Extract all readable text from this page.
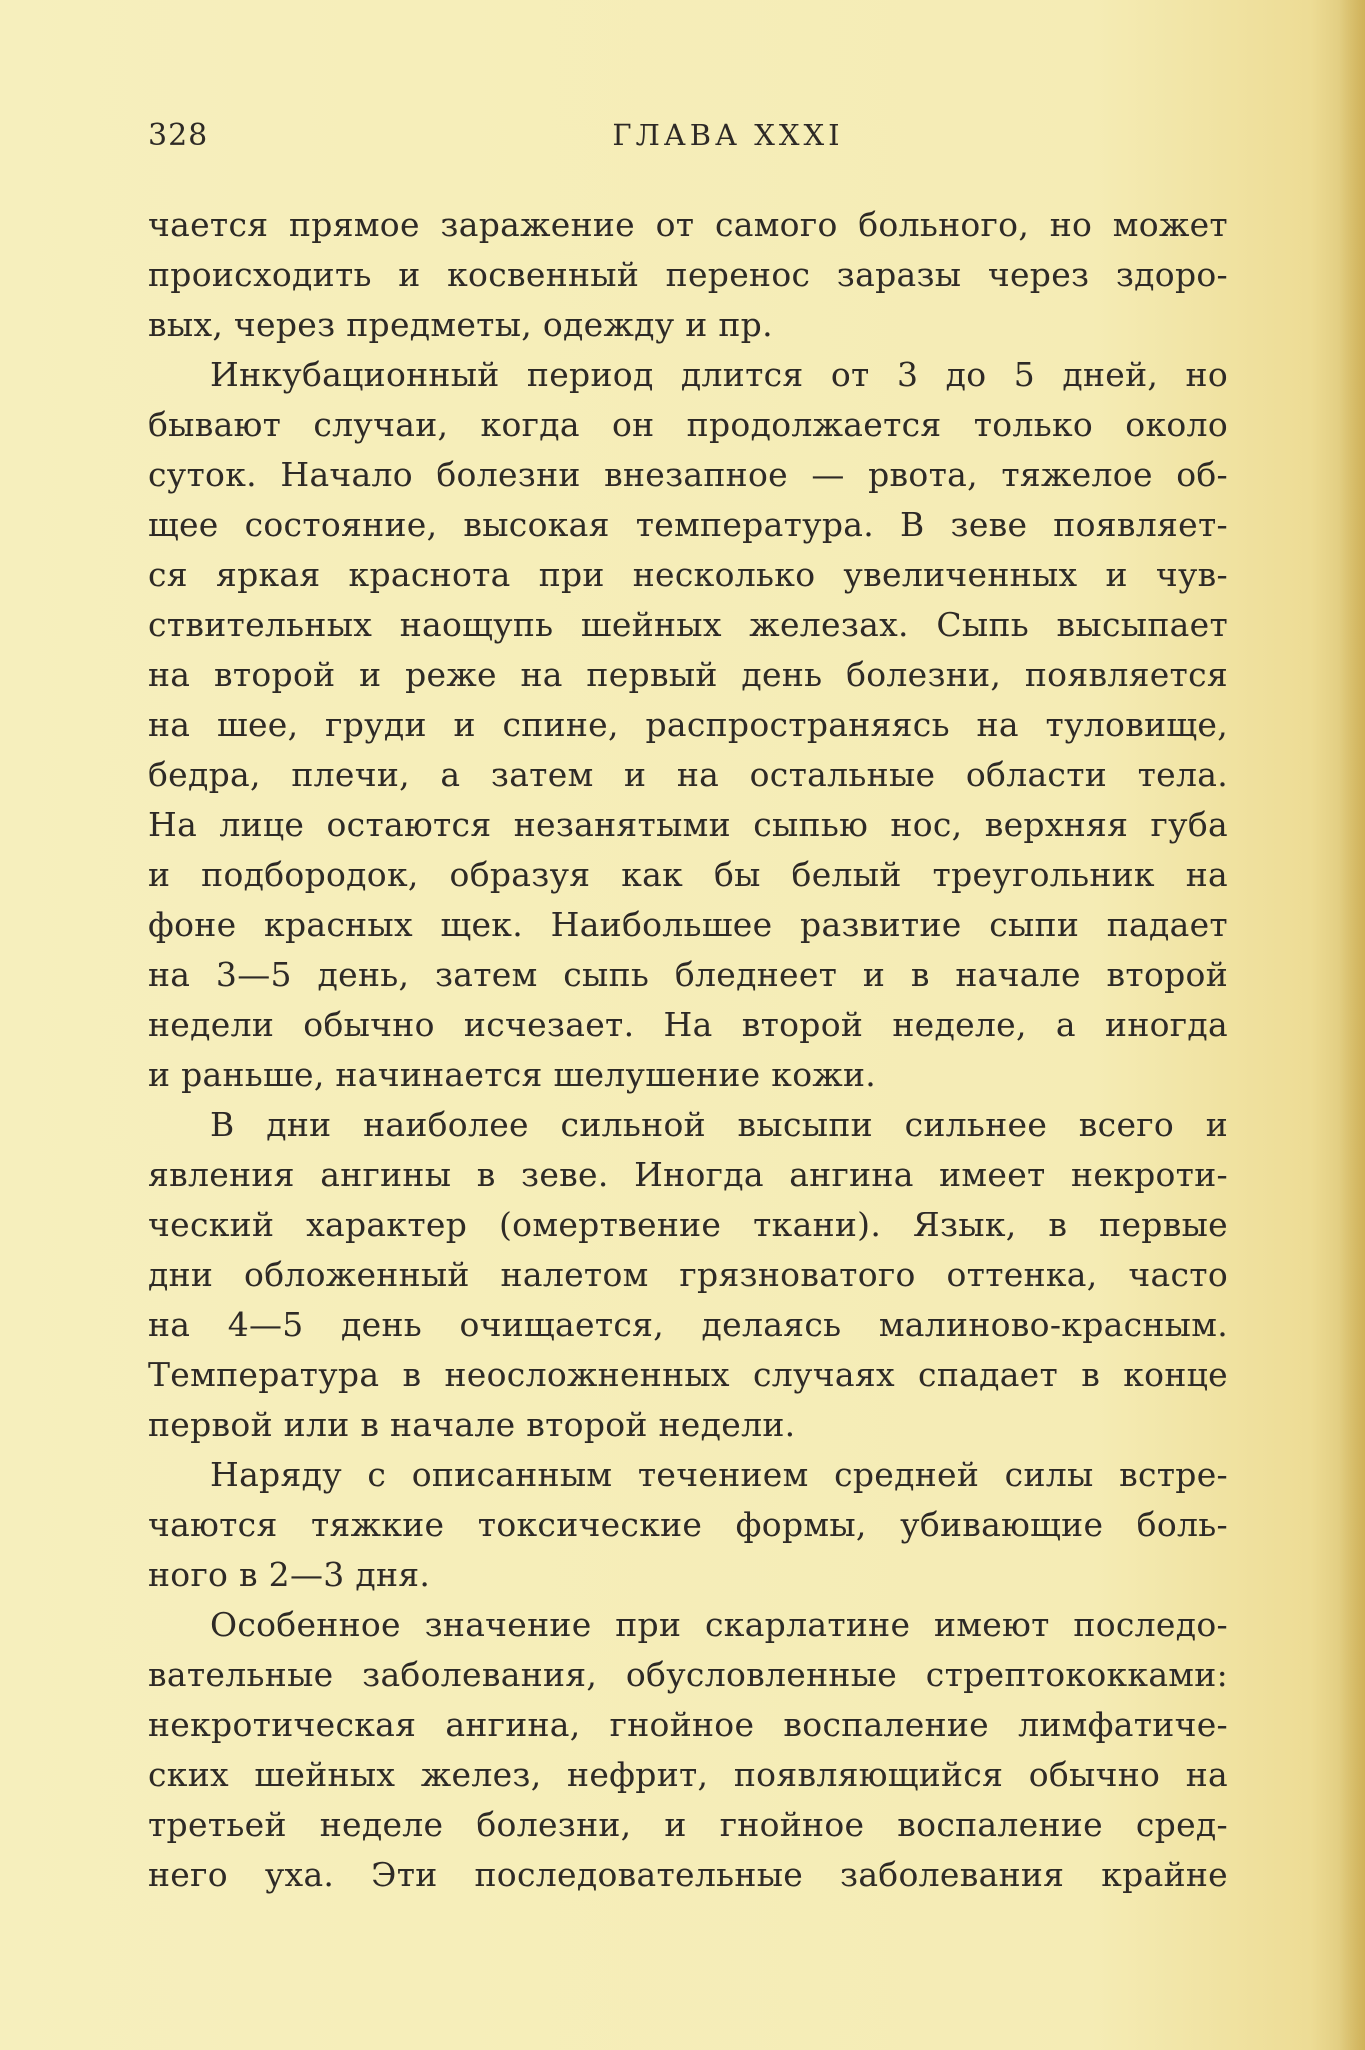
328	ГЛАВА XXXI
чается прямое заражение от самого больного, но может
происходить и косвенный перенос заразы через здоро-
вых, через предметы, одежду и пр.
Инкубационный период длится от 3 до 5 дней, но
бывают случаи, когда он продолжается только около
суток. Начало болезни внезапное — рвота, тяжелое об-
щее состояние, высокая температура. В зеве появляет-
ся яркая краснота при несколько увеличенных и чув-
ствительных наощупь шейных железах. Сыпь высыпает
на второй и реже на первый день болезни, появляется
на шее, груди и спине, распространяясь на туловище,
бедра, плечи, а затем и на остальные области тела.
На лице остаются незанятыми сыпью нос, верхняя губа
и подбородок, образуя как бы белый треугольник на
фоне красных щек. Наибольшее развитие сыпи падает
на 3—5 день, затем сыпь бледнеет и в начале второй
недели обычно исчезает. На второй неделе, а иногда
и раньше, начинается шелушение кожи.
В дни наиболее сильной высыпи сильнее всего и
явления ангины в зеве. Иногда ангина имеет некроти-
ческий характер (омертвение ткани). Язык, в первые
дни обложенный налетом грязноватого оттенка, часто
на 4—5 день очищается, делаясь малиново-красным.
Температура в неосложненных случаях спадает в конце
первой или в начале второй недели.
Наряду с описанным течением средней силы встре-
чаются тяжкие токсические формы, убивающие боль-
ного в 2—3 дня.
Особенное значение при скарлатине имеют последо-
вательные заболевания, обусловленные стрептококками:
некротическая ангина, гнойное воспаление лимфатиче-
ских шейных желез, нефрит, появляющийся обычно на
третьей неделе болезни, и гнойное воспаление сред-
него уха. Эти последовательные заболевания крайне
